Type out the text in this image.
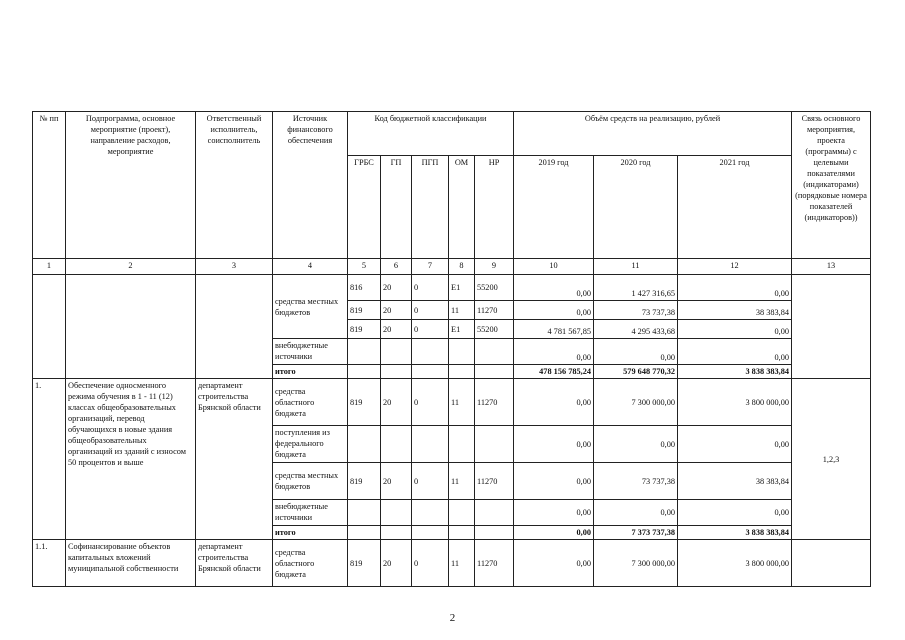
№ пп	Подпрограмма, основное мероприятие (проект), направление расходов, мероприятие	Ответственный исполнитель, соисполнитель	Источник финансового обеспечения	Код бюджетной классификации					Объём средств на реализацию, рублей			Связь основного мероприятия, проекта (программы) с целевыми показателями (индикаторами) (порядковые номера показателей (индикаторов))
				ГРБС	ГП	ПГП	ОМ	НР	2019 год	2020 год	2021 год	
1	2	3	4	5	6	7	8	9	10	11	12	13
			средства местных бюджетов	816	20	0	Е1	55200	0,00	1 427 316,65	0,00	
				819	20	0	11	11270	0,00	73 737,38	38 383,84	
				819	20	0	Е1	55200	4 781 567,85	4 295 433,68	0,00	
			внебюджетные источники						0,00	0,00	0,00	
			итого						478 156 785,24	579 648 770,32	3 838 383,84	
1.	Обеспечение односменного режима обучения в 1 - 11 (12) классах общеобразовательных организаций, перевод обучающихся в новые здания общеобразовательных организаций из зданий с износом 50 процентов и выше	департамент строительства Брянской области	средства областного бюджета	819	20	0	11	11270	0,00	7 300 000,00	3 800 000,00	1,2,3
			поступления из федерального бюджета						0,00	0,00	0,00	
			средства местных бюджетов	819	20	0	11	11270	0,00	73 737,38	38 383,84	
			внебюджетные источники						0,00	0,00	0,00	
			итого						0,00	7 373 737,38	3 838 383,84	
1.1.	Софинансирование объектов капитальных вложений муниципальной собственности	департамент строительства Брянской области	средства областного бюджета	819	20	0	11	11270	0,00	7 300 000,00	3 800 000,00	
2
